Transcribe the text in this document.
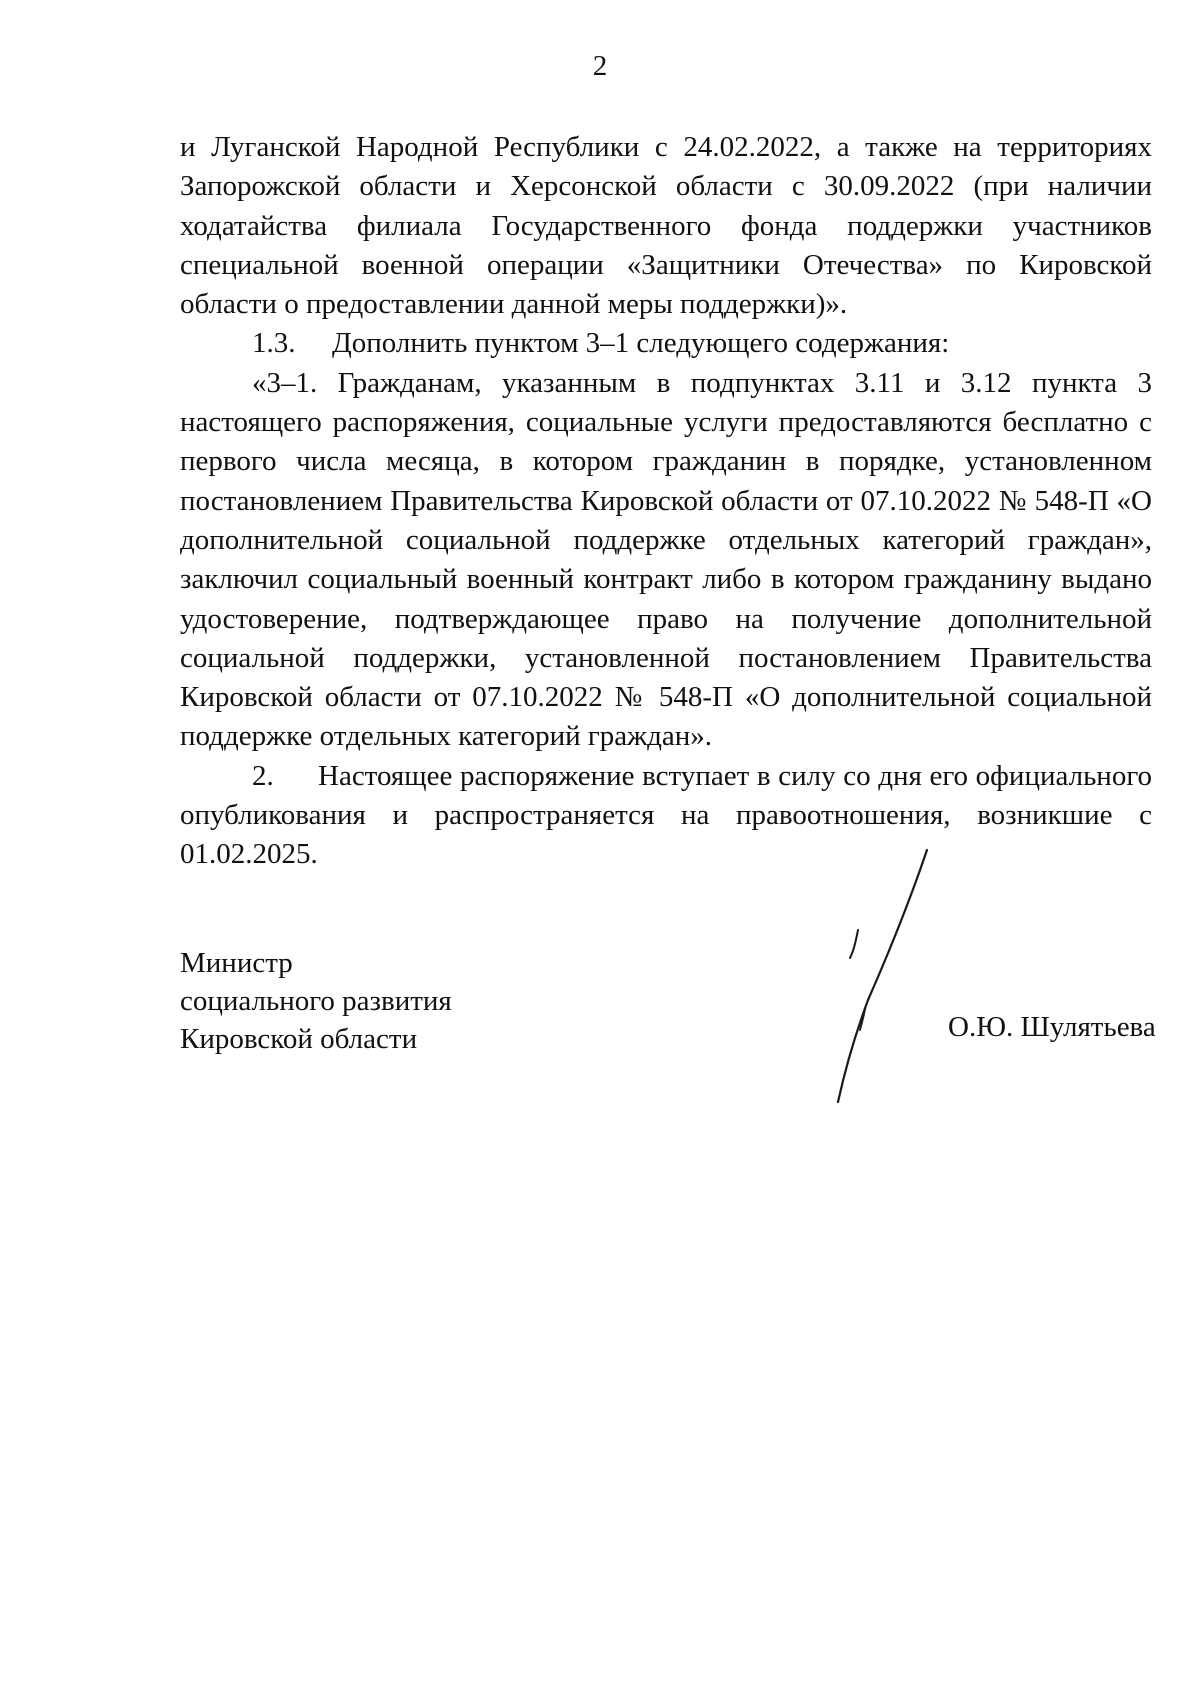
2

и Луганской Народной Республики с 24.02.2022, а также на территориях Запорожской области и Херсонской области с 30.09.2022 (при наличии ходатайства филиала Государственного фонда поддержки участников специальной военной операции «Защитники Отечества» по Кировской области о предоставлении данной меры поддержки)».

1.3. Дополнить пунктом 3–1 следующего содержания:

«3–1. Гражданам, указанным в подпунктах 3.11 и 3.12 пункта 3 настоящего распоряжения, социальные услуги предоставляются бесплатно с первого числа месяца, в котором гражданин в порядке, установленном постановлением Правительства Кировской области от 07.10.2022 № 548-П «О дополнительной социальной поддержке отдельных категорий граждан», заключил социальный военный контракт либо в котором гражданину выдано удостоверение, подтверждающее право на получение дополнительной социальной поддержки, установленной постановлением Правительства Кировской области от 07.10.2022 № 548-П «О дополнительной социальной поддержке отдельных категорий граждан».

2. Настоящее распоряжение вступает в силу со дня его официального опубликования и распространяется на правоотношения, возникшие с 01.02.2025.

Министр
социального развития
Кировской области	О.Ю. Шулятьева
